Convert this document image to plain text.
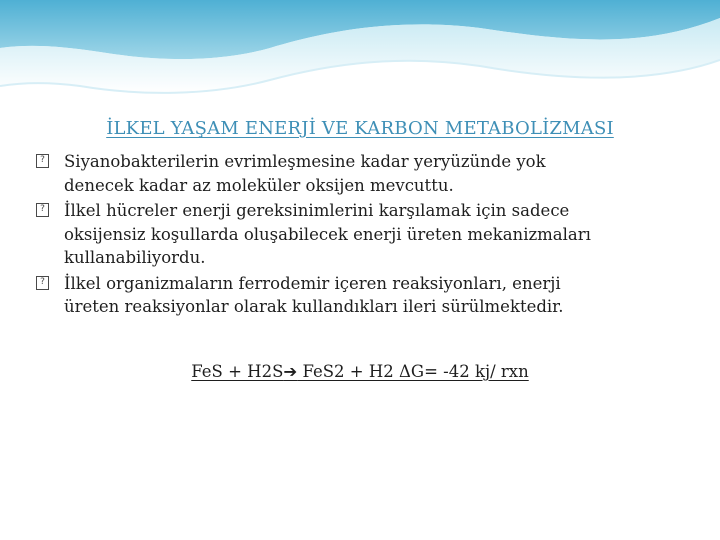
İLKEL YAŞAM ENERJİ VE KARBON METABOLİZMASI
? Siyanobakterilerin evrimleşmesine kadar yeryüzünde yok
denecek kadar az moleküler oksijen mevcuttu.
? İlkel hücreler enerji gereksinimlerini karşılamak için sadece
oksijensiz koşullarda oluşabilecek enerji üreten mekanizmaları
kullanabiliyordu.
? İlkel organizmaların ferrodemir içeren reaksiyonları, enerji
üreten reaksiyonlar olarak kullandıkları ileri sürülmektedir.
FeS + H2S➔ FeS2 + H2 ΔG= -42 kj/ rxn
